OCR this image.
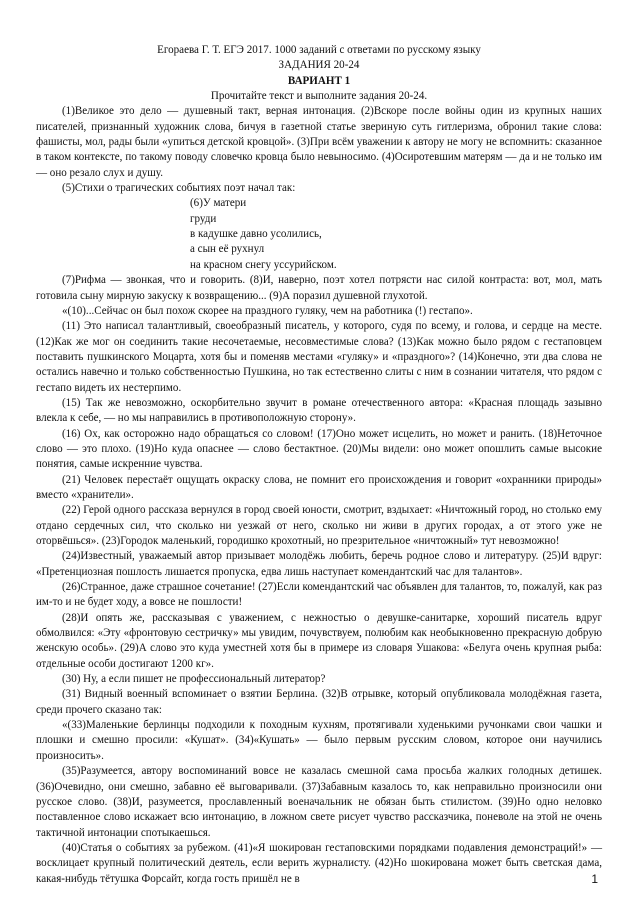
Егораева Г. Т. ЕГЭ 2017. 1000 заданий с ответами по русскому языку
ЗАДАНИЯ 20-24
ВАРИАНТ 1
Прочитайте текст и выполните задания 20-24.

(1)Великое это дело — душевный такт, верная интонация. (2)Вскоре после войны один из крупных наших писателей, признанный художник слова, бичуя в газетной статье звериную суть гитлеризма, обронил такие слова: фашисты, мол, рады были «упиться детской кровцой». (3)При всём уважении к автору не могу не вспомнить: сказанное в таком контексте, по такому поводу словечко кровца было невыносимо. (4)Осиротевшим матерям — да и не только им — оно резало слух и душу.

(5)Стихи о трагических событиях поэт начал так:

(6)У матери
груди
в кадушке давно усолились,
а сын её рухнул
на красном снегу уссурийском.

(7)Рифма — звонкая, что и говорить. (8)И, наверно, поэт хотел потрясти нас силой контраста: вот, мол, мать готовила сыну мирную закуску к возвращению... (9)А поразил душевной глухотой.

«(10)...Сейчас он был похож скорее на праздного гуляку, чем на работника (!) гестапо».

(11) Это написал талантливый, своеобразный писатель, у которого, судя по всему, и голова, и сердце на месте. (12)Как же мог он соединить такие несочетаемые, несовместимые слова? (13)Как можно было рядом с гестаповцем поставить пушкинского Моцарта, хотя бы и поменяв местами «гуляку» и «праздного»? (14)Конечно, эти два слова не остались навечно и только собственностью Пушкина, но так естественно слиты с ним в сознании читателя, что рядом с гестапо видеть их нестерпимо.

(15) Так же невозможно, оскорбительно звучит в романе отечественного автора: «Красная площадь зазывно влекла к себе, — но мы направились в противоположную сторону».

(16) Ох, как осторожно надо обращаться со словом! (17)Оно может исцелить, но может и ранить. (18)Неточное слово — это плохо. (19)Но куда опаснее — слово бестактное. (20)Мы видели: оно может опошлить самые высокие понятия, самые искренние чувства.

(21) Человек перестаёт ощущать окраску слова, не помнит его происхождения и говорит «охранники природы» вместо «хранители».

(22) Герой одного рассказа вернулся в город своей юности, смотрит, вздыхает: «Ничтожный город, но столько ему отдано сердечных сил, что сколько ни уезжай от него, сколько ни живи в других городах, а от этого уже не оторвёшься». (23)Городок маленький, городишко крохотный, но презрительное «ничтожный» тут невозможно!

(24)Известный, уважаемый автор призывает молодёжь любить, беречь родное слово и литературу. (25)И вдруг: «Претенциозная пошлость лишается пропуска, едва лишь наступает комендантский час для талантов».

(26)Странное, даже страшное сочетание! (27)Если комендантский час объявлен для талантов, то, пожалуй, как раз им-то и не будет ходу, а вовсе не пошлости!

(28)И опять же, рассказывая с уважением, с нежностью о девушке-санитарке, хороший писатель вдруг обмолвился: «Эту «фронтовую сестричку» мы увидим, почувствуем, полюбим как необыкновенно прекрасную добрую женскую особь». (29)А слово это куда уместней хотя бы в примере из словаря Ушакова: «Белуга очень крупная рыба: отдельные особи достигают 1200 кг».

(30) Ну, а если пишет не профессиональный литератор?

(31) Видный военный вспоминает о взятии Берлина. (32)В отрывке, который опубликовала молодёжная газета, среди прочего сказано так:

«(33)Маленькие берлинцы подходили к походным кухням, протягивали худенькими ручонками свои чашки и плошки и смешно просили: «Кушат». (34)«Кушать» — было первым русским словом, которое они научились произносить».

(35)Разумеется, автору воспоминаний вовсе не казалась смешной сама просьба жалких голодных детишек. (36)Очевидно, они смешно, забавно её выговаривали. (37)Забавным казалось то, как неправильно произносили они русское слово. (38)И, разумеется, прославленный военачальник не обязан быть стилистом. (39)Но одно неловко поставленное слово искажает всю интонацию, в ложном свете рисует чувство рассказчика, поневоле на этой не очень тактичной интонации спотыкаешься.

(40)Статья о событиях за рубежом. (41)«Я шокирован гестаповскими порядками подавления демонстраций!» — восклицает крупный политический деятель, если верить журналисту. (42)Но шокирована может быть светская дама, какая-нибудь тётушка Форсайт, когда гость пришёл не в	1
